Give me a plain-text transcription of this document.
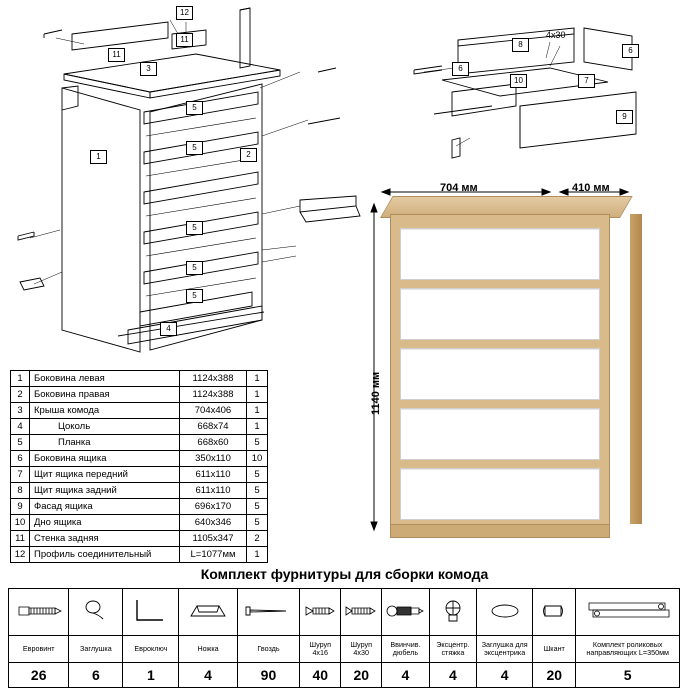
12
11
11
3
1	2
5
5
5
5
5
4
8
4x30
6
6
10	7
9
1	Боковина левая	1124х388	1
2	Боковина правая	1124х388	1
3	Крыша комода	704х406	1
4	Цоколь	668х74	1
5	Планка	668х60	5
6	Боковина ящика	350х110	10
7	Щит ящика передний	611х110	5
8	Щит ящика задний	611х110	5
9	Фасад ящика	696х170	5
10	Дно ящика	640х346	5
11	Стенка задняя	1105х347	2
12	Профиль соединительный	L=1077мм	1
704 мм	410 мм
1140 мм
Комплект фурнитуры для сборки комода

Евровинт	Заглушка	Евроключ	Ножка	Гвоздь	Шуруп 4х16	Шуруп 4х30	Ввинчив. дюбель	Эксцентр. стяжка	Заглушка для эксцентрика	Шкант	Комплект роликовых направляющих L=350мм
26	6	1	4	90	40	20	4	4	4	20	5
